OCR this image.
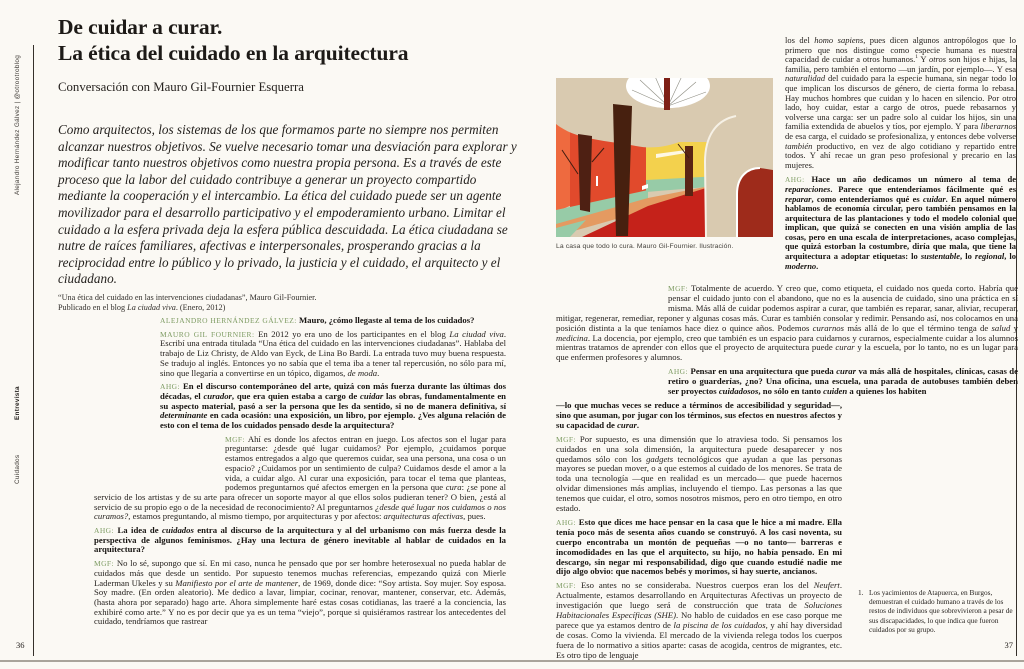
Alejandro Hernández Gálvez | @otrootroblog
Entrevista
Cuidados
36
De cuidar a curar.
La ética del cuidado en la arquitectura
Conversación con Mauro Gil-Fournier Esquerra
Como arquitectos, los sistemas de los que formamos parte no siempre nos permiten alcanzar nuestros objetivos. Se vuelve necesario tomar una desviación para explorar y modificar tanto nuestros objetivos como nuestra propia persona. Es a través de este proceso que la labor del cuidado contribuye a generar un proyecto compartido mediante la cooperación y el intercambio. La ética del cuidado puede ser un agente movilizador para el desarrollo participativo y el empoderamiento urbano. Limitar el cuidado a la esfera privada deja la esfera pública descuidada. La ética ciudadana se nutre de raíces familiares, afectivas e interpersonales, prosperando gracias a la reciprocidad entre lo público y lo privado, la justicia y el cuidado, el arquitecto y el ciudadano.
“Una ética del cuidado en las intervenciones ciudadanas”, Mauro Gil-Fournier. Publicado en el blog La ciudad viva. (Enero, 2012)

ALEJANDRO HERNÁNDEZ GÁLVEZ: Mauro, ¿cómo llegaste al tema de los cuidados?

MAURO GIL FOURNIER: En 2012 yo era uno de los participantes en el blog La ciudad viva. Escribí una entrada titulada “Una ética del cuidado en las intervenciones ciudadanas”. Hablaba del trabajo de Liz Christy, de Aldo van Eyck, de Lina Bo Bardi. La entrada tuvo muy buena respuesta. Se tradujo al inglés. Entonces yo no sabía que el tema iba a tener tal repercusión, no sólo para mí, sino que llegaría a convertirse en un tópico, digamos, de moda.

AHG: En el discurso contemporáneo del arte, quizá con más fuerza durante las últimas dos décadas, el curador, que era quien estaba a cargo de cuidar las obras, fundamentalmente en su aspecto material, pasó a ser la persona que les da sentido, si no de manera definitiva, sí determinante en cada ocasión: una exposición, un libro, por ejemplo. ¿Ves alguna relación de esto con el tema de los cuidados pensado desde la arquitectura?

MGF: Ahí es donde los afectos entran en juego. Los afectos son el lugar para preguntarse: ¿desde qué lugar cuidamos? Por ejemplo, ¿cuidamos porque estamos entregados a algo que queremos cuidar, sea una persona, una cosa o un espacio? ¿Cuidamos por un sentimiento de culpa? Cuidamos desde el amor a la vida, a cuidar algo. Al curar una exposición, para tocar el tema que planteas, podemos preguntarnos qué afectos emergen en la persona que cura: ¿se pone al servicio de los artistas y de su arte para ofrecer un soporte mayor al que ellos solos pudieran tener? O bien, ¿está al servicio de su propio ego o de la necesidad de reconocimiento? Al preguntarnos ¿desde qué lugar nos cuidamos o nos curamos?, estamos preguntando, al mismo tiempo, por arquitecturas y por afectos: arquitecturas afectivas, pues.

AHG: La idea de cuidados entra al discurso de la arquitectura y al del urbanismo con más fuerza desde la perspectiva de algunos feminismos. ¿Hay una lectura de género inevitable al hablar de cuidados en la arquitectura?

MGF: No lo sé, supongo que sí. En mi caso, nunca he pensado que por ser hombre heterosexual no pueda hablar de cuidados más que desde un sentido. Por supuesto tenemos muchas referencias, empezando quizá con Mierle Laderman Ukeles y su Manifiesto por el arte de mantener, de 1969, donde dice: “Soy artista. Soy mujer. Soy esposa. Soy madre. (En orden aleatorio). Me dedico a lavar, limpiar, cocinar, renovar, mantener, conservar, etc. Además, (hasta ahora por separado) hago arte. Ahora simplemente haré estas cosas cotidianas, las traeré a la conciencia, las exhibiré como arte.” Y no es por decir que ya es un tema “viejo”, porque si quisiéramos rastrear los antecedentes del cuidado, tendríamos que rastrear

La casa que todo lo cura. Mauro Gil-Fournier. Ilustración.

los del homo sapiens, pues dicen algunos antropólogos que lo primero que nos distingue como especie humana es nuestra capacidad de cuidar a otros humanos.$^1$ Y otros son hijos e hijas, la familia, pero también el entorno —un jardín, por ejemplo—. Y esa naturalidad del cuidado para la especie humana, sin negar todo lo que implican los discursos de género, de cierta forma lo rebasa. Hay muchos hombres que cuidan y lo hacen en silencio. Por otro lado, hoy cuidar, estar a cargo de otros, puede rebasarnos y volverse una carga: ser un padre solo al cuidar los hijos, sin una familia extendida de abuelos y tíos, por ejemplo. Y para liberarnos de esa carga, el cuidado se profesionaliza, y entonces debe volverse también productivo, en vez de algo cotidiano y repartido entre todos. Y ahí recae un gran peso profesional y precario en las mujeres.

AHG: Hace un año dedicamos un número al tema de reparaciones. Parece que entenderíamos fácilmente qué es reparar, como entenderíamos qué es cuidar. En aquel número hablamos de economía circular, pero también pensamos en la arquitectura de las plantaciones y todo el modelo colonial que implican, que quizá se conecten en una visión amplia de las cosas, pero en una escala de interpretaciones, acaso complejas, que quizá estorban la costumbre, diría que mala, que tiene la arquitectura a adoptar etiquetas: lo sustentable, lo regional, lo moderno.

MGF: Totalmente de acuerdo. Y creo que, como etiqueta, el cuidado nos queda corto. Habría que pensar el cuidado junto con el abandono, que no es la ausencia de cuidado, sino una práctica en sí misma. Más allá de cuidar podemos aspirar a curar, que también es reparar, sanar, aliviar, recuperar, mitigar, regenerar, remediar, reponer y algunas cosas más. Curar es también consolar y redimir. Pensando así, nos colocamos en una posición distinta a la que teníamos hace diez o quince años. Podemos curarnos más allá de lo que el término tenga de salud y medicina. La docencia, por ejemplo, creo que también es un espacio para cuidarnos y curarnos, especialmente cuidar a los alumnos mientras tratamos de aprender con ellos que el proyecto de arquitectura puede curar y la escuela, por lo tanto, no es un lugar para que enfermen profesores y alumnos.

AHG: Pensar en una arquitectura que pueda curar va más allá de hospitales, clínicas, casas de retiro o guarderías, ¿no? Una oficina, una escuela, una parada de autobuses también deben ser proyectos cuidadosos, no sólo en tanto cuiden a quienes los habiten

—lo que muchas veces se reduce a términos de accesibilidad y seguridad—, sino que asuman, por jugar con los términos, sus efectos en nuestros afectos y su capacidad de curar.

MGF: Por supuesto, es una dimensión que lo atraviesa todo. Si pensamos los cuidados en una sola dimensión, la arquitectura puede desaparecer y nos quedamos sólo con los gadgets tecnológicos que ayudan a que las personas mayores se puedan mover, o a que estemos al cuidado de los menores. Se trata de toda una tecnología —que en realidad es un mercado— que puede hacernos olvidar dimensiones más amplias, incluyendo el tiempo. Las personas a las que tenemos que cuidar, el otro, somos nosotros mismos, pero en otro tiempo, en otro estado.

AHG: Esto que dices me hace pensar en la casa que le hice a mi madre. Ella tenía poco más de sesenta años cuando se construyó. A los casi noventa, su cuerpo encontraba un montón de pequeñas —o no tanto— barreras e incomodidades en las que el arquitecto, su hijo, no había pensado. En mi descargo, sin negar mi responsabilidad, digo que cuando estudié nadie me dijo algo obvio: que nacemos bebés y morimos, si hay suerte, ancianos.

MGF: Eso antes no se consideraba. Nuestros cuerpos eran los del Neufert. Actualmente, estamos desarrollando en Arquitecturas Afectivas un proyecto de investigación que luego será de construcción que trata de Soluciones Habitacionales Específicas (SHE). No hablo de cuidados en ese caso porque me parece que ya estamos dentro de la piscina de los cuidados, y ahí hay diversidad de cosas. Como la vivienda. El mercado de la vivienda relega todos los cuerpos fuera de lo normativo a sitios aparte: casas de acogida, centros de migrantes, etc. Es otro tipo de lenguaje

1. Los yacimientos de Atapuerca, en Burgos, demuestran el cuidado humano a través de los restos de individuos que sobrevivieron a pesar de sus discapacidades, lo que indica que fueron cuidados por su grupo.
37
